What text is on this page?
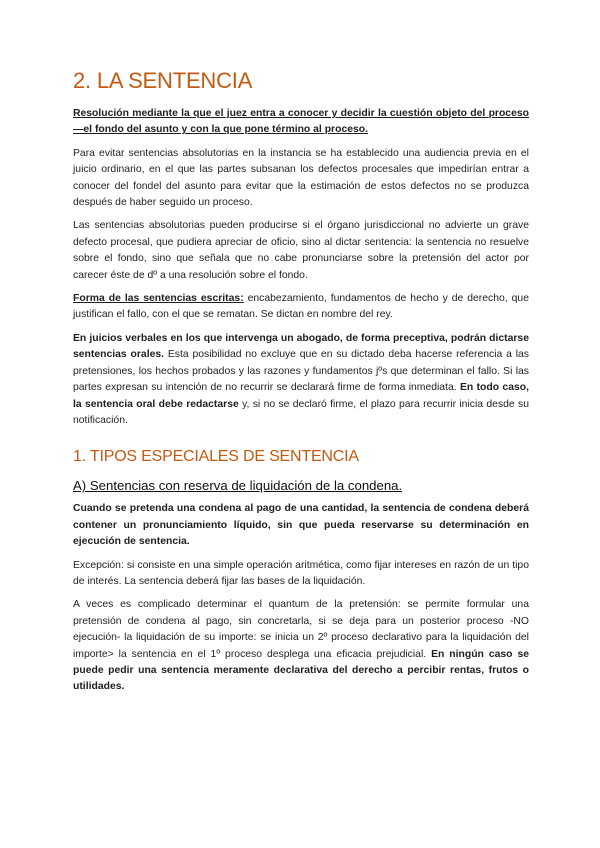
2. LA SENTENCIA

Resolución mediante la que el juez entra a conocer y decidir la cuestión objeto del proceso —el fondo del asunto y con la que pone término al proceso.

Para evitar sentencias absolutorias en la instancia se ha establecido una audiencia previa en el juicio ordinario, en el que las partes subsanan los defectos procesales que impedirían entrar a conocer del fondel del asunto para evitar que la estimación de estos defectos no se produzca después de haber seguido un proceso.

Las sentencias absolutorias pueden producirse si el órgano jurisdiccional no advierte un grave defecto procesal, que pudiera apreciar de oficio, sino al dictar sentencia: la sentencia no resuelve sobre el fondo, sino que señala que no cabe pronunciarse sobre la pretensión del actor por carecer éste de dº a una resolución sobre el fondo.

Forma de las sentencias escritas: encabezamiento, fundamentos de hecho y de derecho, que justifican el fallo, con el que se rematan. Se dictan en nombre del rey.

En juicios verbales en los que intervenga un abogado, de forma preceptiva, podrán dictarse sentencias orales. Esta posibilidad no excluye que en su dictado deba hacerse referencia a las pretensiones, los hechos probados y las razones y fundamentos jºs que determinan el fallo. Si las partes expresan su intención de no recurrir se declarará firme de forma inmediata. En todo caso, la sentencia oral debe redactarse y, si no se declaró firme, el plazo para recurrir inicia desde su notificación.

1. TIPOS ESPECIALES DE SENTENCIA
A) Sentencias con reserva de liquidación de la condena.

Cuando se pretenda una condena al pago de una cantidad, la sentencia de condena deberá contener un pronunciamiento líquido, sin que pueda reservarse su determinación en ejecución de sentencia.

Excepción: si consiste en una simple operación aritmética, como fijar intereses en razón de un tipo de interés. La sentencia deberá fijar las bases de la liquidación.

A veces es complicado determinar el quantum de la pretensión: se permite formular una pretensión de condena al pago, sin concretarla, si se deja para un posterior proceso -NO ejecución- la liquidación de su importe: se inicia un 2º proceso declarativo para la liquidación del importe> la sentencia en el 1º proceso desplega una eficacia prejudicial. En ningún caso se puede pedir una sentencia meramente declarativa del derecho a percibir rentas, frutos o utilidades.
